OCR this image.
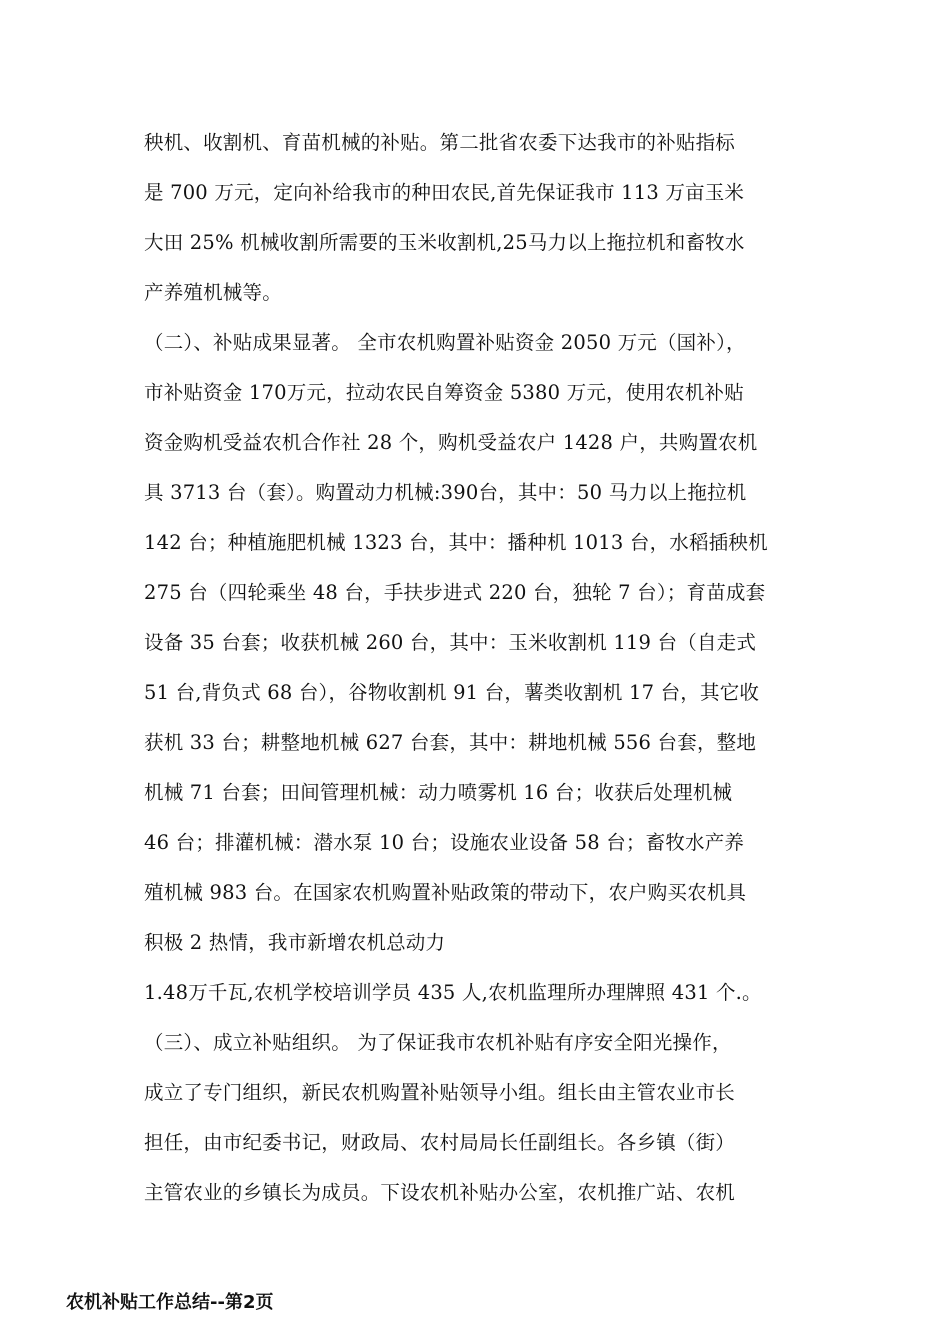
秧机、收割机、育苗机械的补贴。第二批省农委下达我市的补贴指标
是 700 万元，定向补给我市的种田农民,首先保证我市 113 万亩玉米
大田 25% 机械收割所需要的玉米收割机,25马力以上拖拉机和畜牧水
产养殖机械等。
（二）、补贴成果显著。 全市农机购置补贴资金 2050 万元（国补），
市补贴资金 170万元，拉动农民自筹资金 5380 万元，使用农机补贴
资金购机受益农机合作社 28 个，购机受益农户 1428 户，共购置农机
具 3713 台（套）。购置动力机械:390台，其中：50 马力以上拖拉机
142 台；种植施肥机械 1323 台，其中：播种机 1013 台，水稻插秧机
275 台（四轮乘坐 48 台，手扶步进式 220 台，独轮 7 台）；育苗成套
设备 35 台套；收获机械 260 台，其中：玉米收割机 119 台（自走式
51 台,背负式 68 台），谷物收割机 91 台，薯类收割机 17 台，其它收
获机 33 台；耕整地机械 627 台套，其中：耕地机械 556 台套，整地
机械 71 台套；田间管理机械：动力喷雾机 16 台；收获后处理机械
46 台；排灌机械：潜水泵 10 台；设施农业设备 58 台；畜牧水产养
殖机械 983 台。在国家农机购置补贴政策的带动下，农户购买农机具
积极 2 热情，我市新增农机总动力
1.48万千瓦,农机学校培训学员 435 人,农机监理所办理牌照 431 个.。
（三）、成立补贴组织。 为了保证我市农机补贴有序安全阳光操作，
成立了专门组织，新民农机购置补贴领导小组。组长由主管农业市长
担任，由市纪委书记，财政局、农村局局长任副组长。各乡镇（街）
主管农业的乡镇长为成员。下设农机补贴办公室，农机推广站、农机
农机补贴工作总结--第2页
